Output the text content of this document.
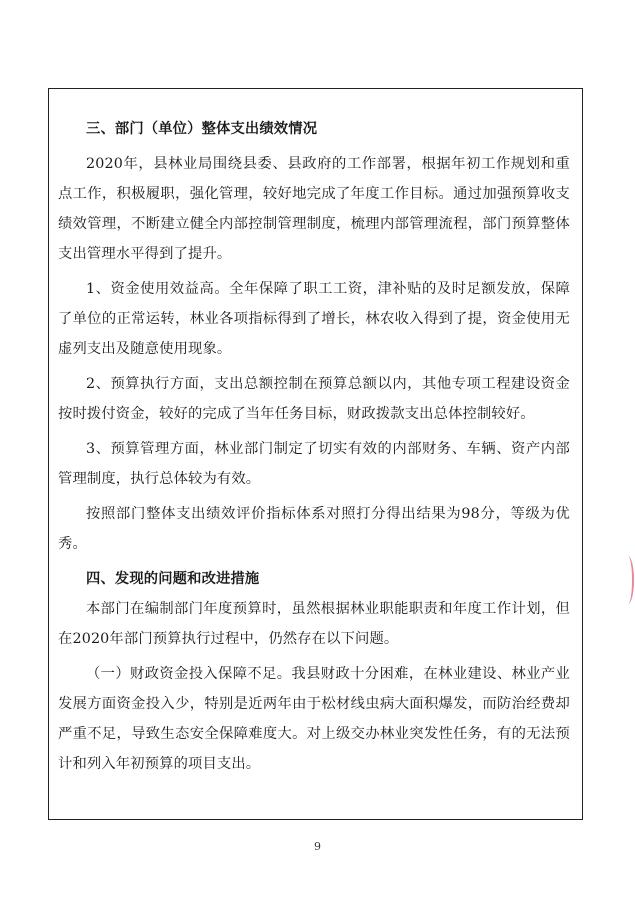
三、部门（单位）整体支出绩效情况

2020年，县林业局围绕县委、县政府的工作部署，根据年初工作规划和重点工作，积极履职，强化管理，较好地完成了年度工作目标。通过加强预算收支绩效管理，不断建立健全内部控制管理制度，梳理内部管理流程，部门预算整体支出管理水平得到了提升。

1、资金使用效益高。全年保障了职工工资，津补贴的及时足额发放，保障了单位的正常运转，林业各项指标得到了增长，林农收入得到了提，资金使用无虚列支出及随意使用现象。

2、预算执行方面，支出总额控制在预算总额以内，其他专项工程建设资金按时拨付资金，较好的完成了当年任务目标，财政拨款支出总体控制较好。

3、预算管理方面，林业部门制定了切实有效的内部财务、车辆、资产内部管理制度，执行总体较为有效。

按照部门整体支出绩效评价指标体系对照打分得出结果为98分，等级为优秀。

四、发现的问题和改进措施

本部门在编制部门年度预算时，虽然根据林业职能职责和年度工作计划，但在2020年部门预算执行过程中，仍然存在以下问题。

（一）财政资金投入保障不足。我县财政十分困难，在林业建设、林业产业发展方面资金投入少，特别是近两年由于松材线虫病大面积爆发，而防治经费却严重不足，导致生态安全保障难度大。对上级交办林业突发性任务，有的无法预计和列入年初预算的项目支出。

9
